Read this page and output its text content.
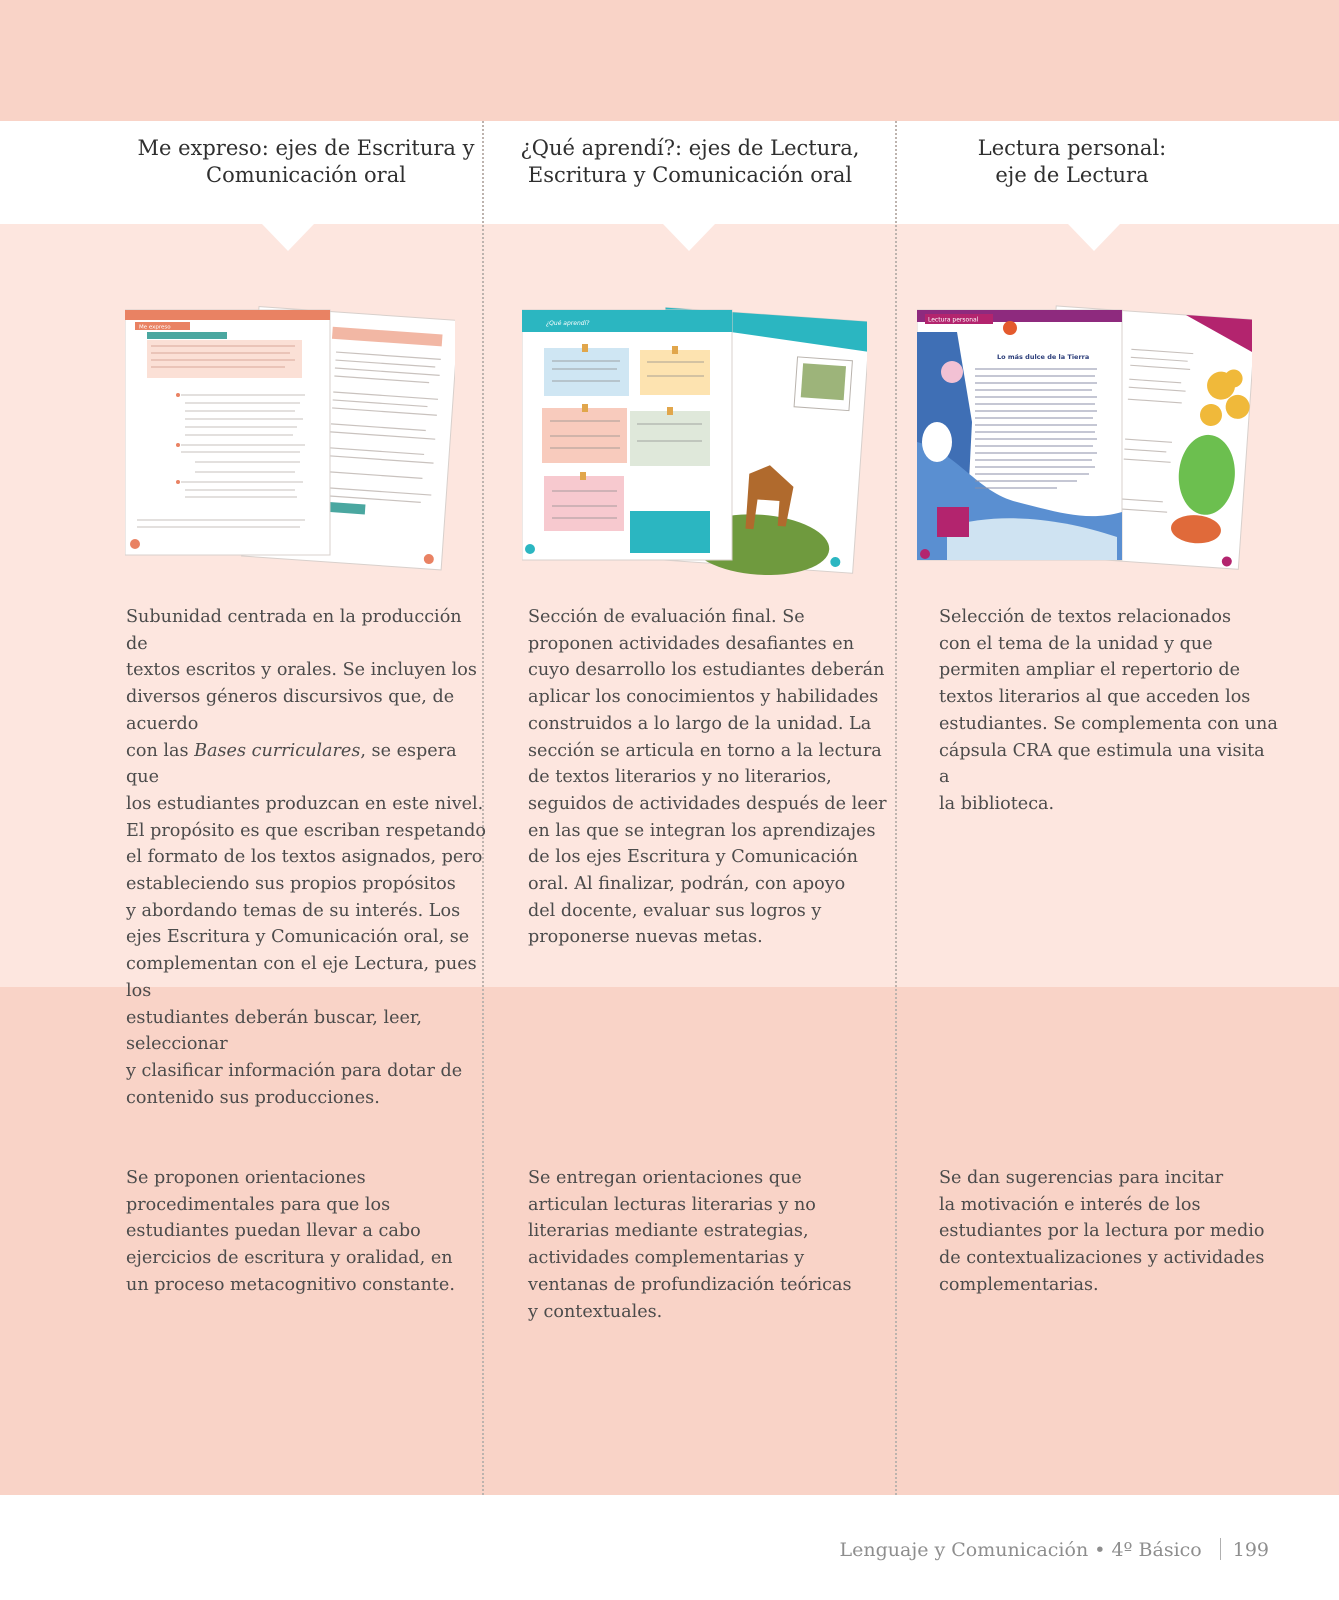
Me expreso: ejes de Escritura y
Comunicación oral
¿Qué aprendí?: ejes de Lectura,
Escritura y Comunicación oral
Lectura personal:
eje de Lectura
Me expreso
¿Qué aprendí?	Lectura personal
Lo más dulce de la Tierra
Subunidad centrada en la producción de
textos escritos y orales. Se incluyen los
diversos géneros discursivos que, de acuerdo
con las Bases curriculares, se espera que
los estudiantes produzcan en este nivel.
El propósito es que escriban respetando
el formato de los textos asignados, pero
estableciendo sus propios propósitos
y abordando temas de su interés. Los
ejes Escritura y Comunicación oral, se
complementan con el eje Lectura, pues los
estudiantes deberán buscar, leer, seleccionar
y clasificar información para dotar de
contenido sus producciones.
Sección de evaluación final. Se
proponen actividades desafiantes en
cuyo desarrollo los estudiantes deberán
aplicar los conocimientos y habilidades
construidos a lo largo de la unidad. La
sección se articula en torno a la lectura
de textos literarios y no literarios,
seguidos de actividades después de leer
en las que se integran los aprendizajes
de los ejes Escritura y Comunicación
oral. Al finalizar, podrán, con apoyo
del docente, evaluar sus logros y
proponerse nuevas metas.
Selección de textos relacionados
con el tema de la unidad y que
permiten ampliar el repertorio de
textos literarios al que acceden los
estudiantes. Se complementa con una
cápsula CRA que estimula una visita a
la biblioteca.
Se proponen orientaciones
procedimentales para que los
estudiantes puedan llevar a cabo
ejercicios de escritura y oralidad, en
un proceso metacognitivo constante.
Se entregan orientaciones que
articulan lecturas literarias y no
literarias mediante estrategias,
actividades complementarias y
ventanas de profundización teóricas
y contextuales.
Se dan sugerencias para incitar
la motivación e interés de los
estudiantes por la lectura por medio
de contextualizaciones y actividades
complementarias.
Lenguaje y Comunicación • 4º Básico 199
